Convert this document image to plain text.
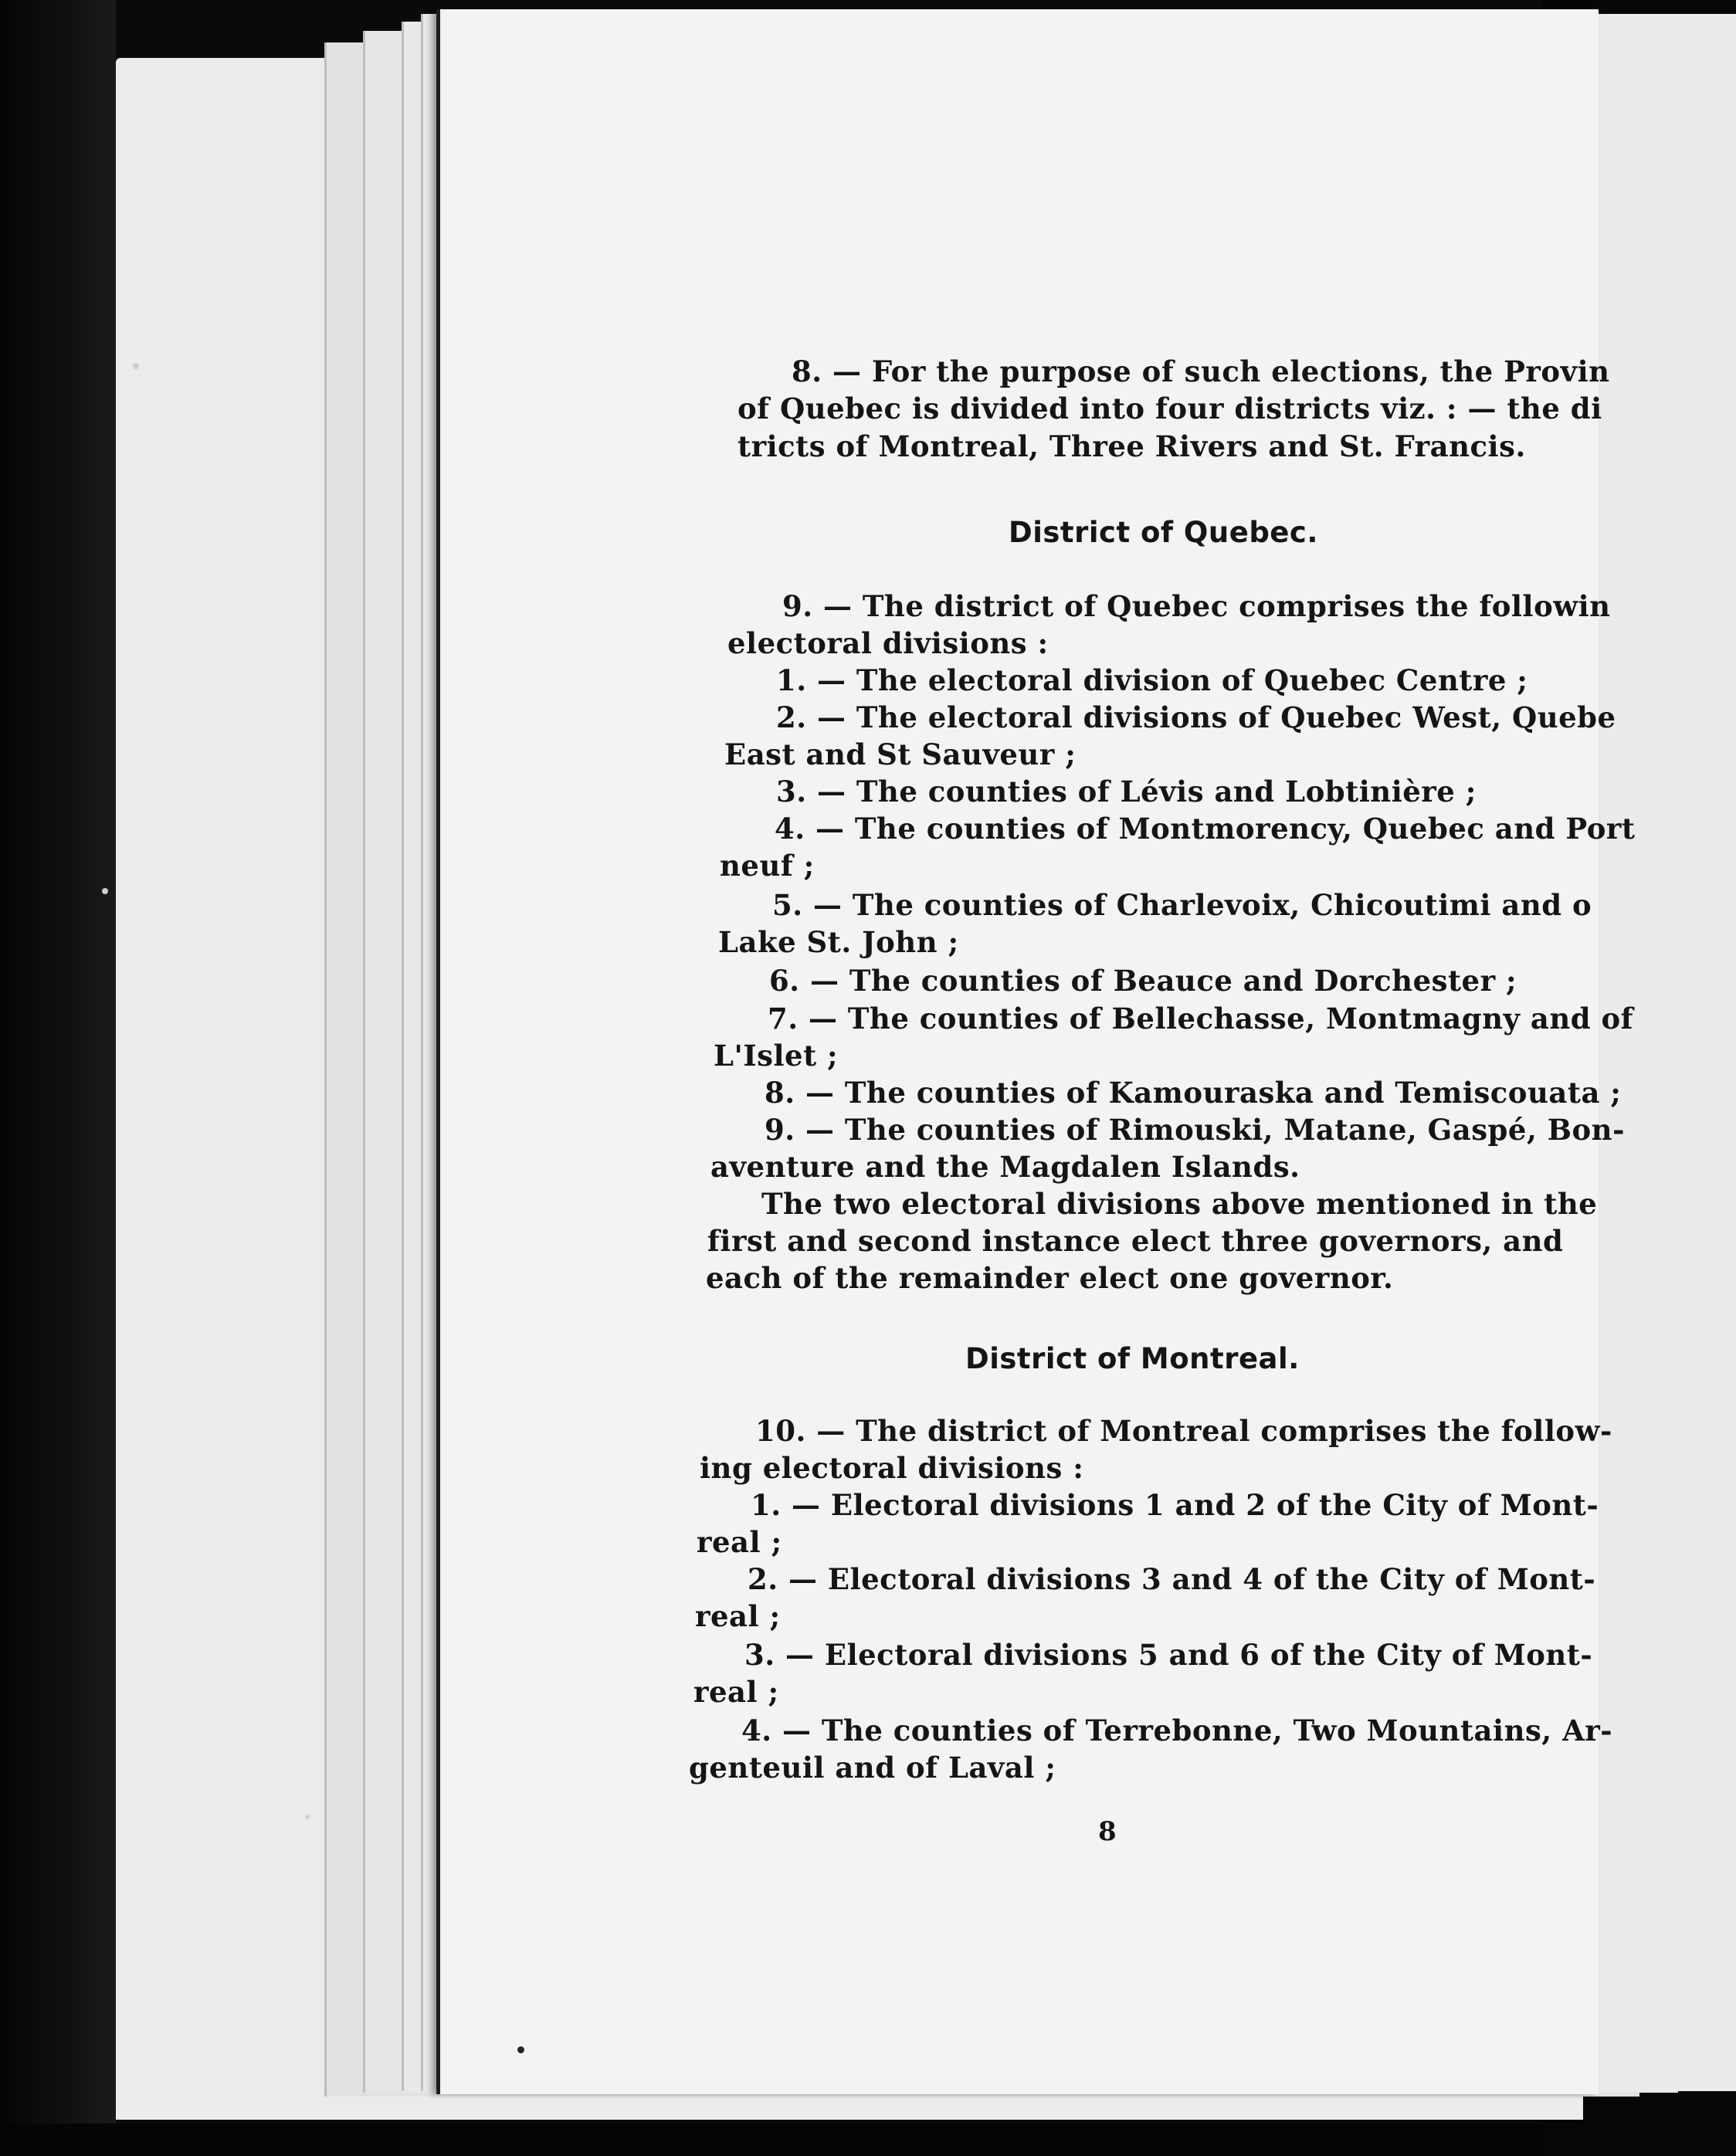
8. — For the purpose of such elections, the Provin
of Quebec is divided into four districts viz. : — the di
tricts of Montreal, Three Rivers and St. Francis.
District of Quebec.
9. — The district of Quebec comprises the followin
electoral divisions :
1. — The electoral division of Quebec Centre ;
2. — The electoral divisions of Quebec West, Quebe
East and St Sauveur ;
3. — The counties of Lévis and Lobtinière ;
4. — The counties of Montmorency, Quebec and Port
neuf ;
5. — The counties of Charlevoix, Chicoutimi and o
Lake St. John ;
6. — The counties of Beauce and Dorchester ;
7. — The counties of Bellechasse, Montmagny and of
L'Islet ;
8. — The counties of Kamouraska and Temiscouata ;
9. — The counties of Rimouski, Matane, Gaspé, Bon-
aventure and the Magdalen Islands.
The two electoral divisions above mentioned in the
first and second instance elect three governors, and
each of the remainder elect one governor.
District of Montreal.
10. — The district of Montreal comprises the follow-
ing electoral divisions :
1. — Electoral divisions 1 and 2 of the City of Mont-
real ;
2. — Electoral divisions 3 and 4 of the City of Mont-
real ;
3. — Electoral divisions 5 and 6 of the City of Mont-
real ;
4. — The counties of Terrebonne, Two Mountains, Ar-
genteuil and of Laval ;
8
